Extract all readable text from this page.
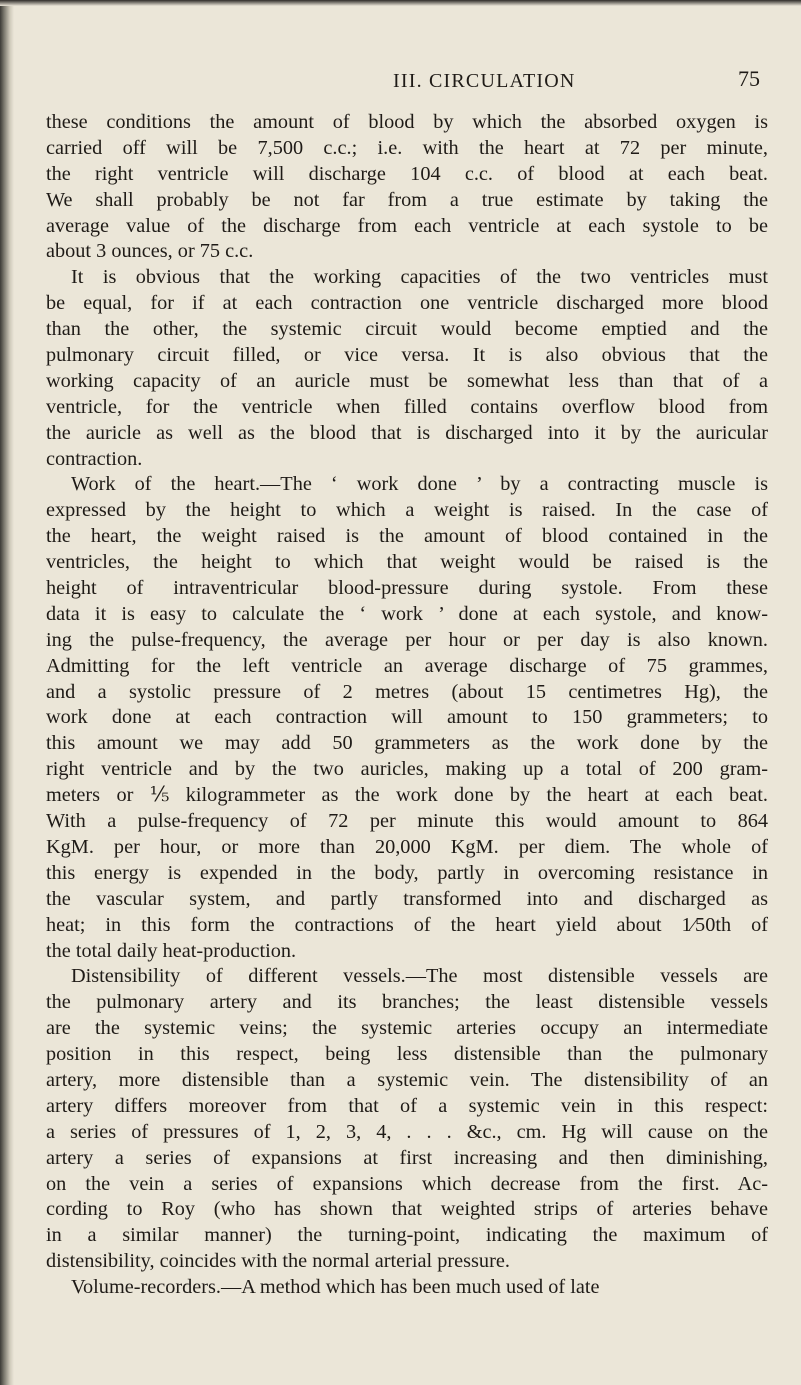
III. CIRCULATION	75
these conditions the amount of blood by which the absorbed oxygen is
carried off will be 7,500 c.c.; i.e. with the heart at 72 per minute,
the right ventricle will discharge 104 c.c. of blood at each beat.
We shall probably be not far from a true estimate by taking the
average value of the discharge from each ventricle at each systole to be
about 3 ounces, or 75 c.c.
It is obvious that the working capacities of the two ventricles must
be equal, for if at each contraction one ventricle discharged more blood
than the other, the systemic circuit would become emptied and the
pulmonary circuit filled, or vice versa. It is also obvious that the
working capacity of an auricle must be somewhat less than that of a
ventricle, for the ventricle when filled contains overflow blood from
the auricle as well as the blood that is discharged into it by the auricular
contraction.
Work of the heart.—The ‘ work done ’ by a contracting muscle is
expressed by the height to which a weight is raised. In the case of
the heart, the weight raised is the amount of blood contained in the
ventricles, the height to which that weight would be raised is the
height of intraventricular blood-pressure during systole. From these
data it is easy to calculate the ‘ work ’ done at each systole, and know-
ing the pulse-frequency, the average per hour or per day is also known.
Admitting for the left ventricle an average discharge of 75 grammes,
and a systolic pressure of 2 metres (about 15 centimetres Hg), the
work done at each contraction will amount to 150 grammeters; to
this amount we may add 50 grammeters as the work done by the
right ventricle and by the two auricles, making up a total of 200 gram-
meters or ⅕ kilogrammeter as the work done by the heart at each beat.
With a pulse-frequency of 72 per minute this would amount to 864
KgM. per hour, or more than 20,000 KgM. per diem. The whole of
this energy is expended in the body, partly in overcoming resistance in
the vascular system, and partly transformed into and discharged as
heat; in this form the contractions of the heart yield about 1⁄50th of
the total daily heat-production.
Distensibility of different vessels.—The most distensible vessels are
the pulmonary artery and its branches; the least distensible vessels
are the systemic veins; the systemic arteries occupy an intermediate
position in this respect, being less distensible than the pulmonary
artery, more distensible than a systemic vein. The distensibility of an
artery differs moreover from that of a systemic vein in this respect:
a series of pressures of 1, 2, 3, 4, . . . &c., cm. Hg will cause on the
artery a series of expansions at first increasing and then diminishing,
on the vein a series of expansions which decrease from the first. Ac-
cording to Roy (who has shown that weighted strips of arteries behave
in a similar manner) the turning-point, indicating the maximum of
distensibility, coincides with the normal arterial pressure.
Volume-recorders.—A method which has been much used of late
